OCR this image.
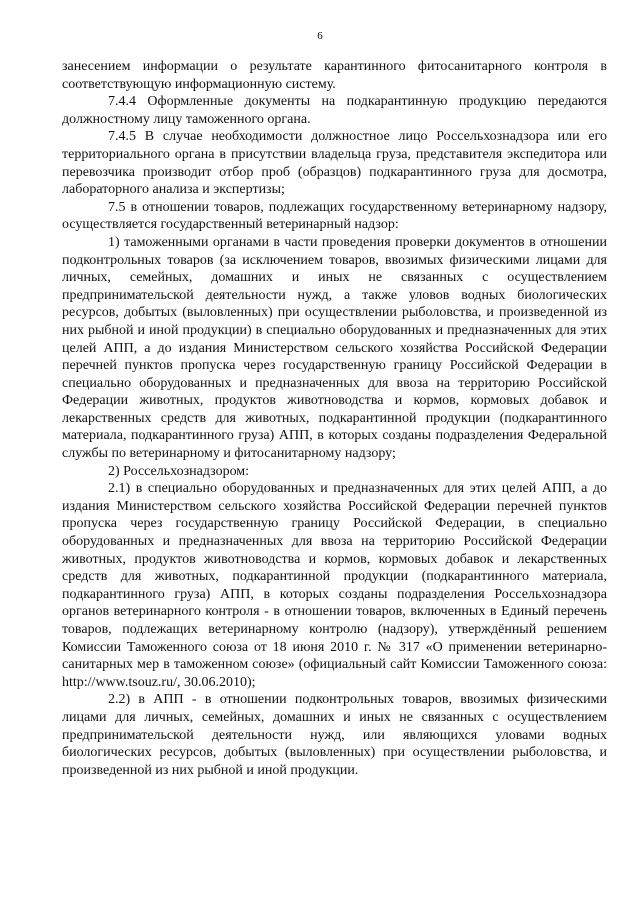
6

занесением информации о результате карантинного фитосанитарного контроля в соответствующую информационную систему.

7.4.4 Оформленные документы на подкарантинную продукцию передаются должностному лицу таможенного органа.

7.4.5 В случае необходимости должностное лицо Россельхознадзора или его территориального органа в присутствии владельца груза, представителя экспедитора или перевозчика производит отбор проб (образцов) подкарантинного груза для досмотра, лабораторного анализа и экспертизы;

7.5 в отношении товаров, подлежащих государственному ветеринарному надзору, осуществляется государственный ветеринарный надзор:

1) таможенными органами в части проведения проверки документов в отношении подконтрольных товаров (за исключением товаров, ввозимых физическими лицами для личных, семейных, домашних и иных не связанных с осуществлением предпринимательской деятельности нужд, а также уловов водных биологических ресурсов, добытых (выловленных) при осуществлении рыболовства, и произведенной из них рыбной и иной продукции) в специально оборудованных и предназначенных для этих целей АПП, а до издания Министерством сельского хозяйства Российской Федерации перечней пунктов пропуска через государственную границу Российской Федерации в специально оборудованных и предназначенных для ввоза на территорию Российской Федерации животных, продуктов животноводства и кормов, кормовых добавок и лекарственных средств для животных, подкарантинной продукции (подкарантинного материала, подкарантинного груза) АПП, в которых созданы подразделения Федеральной службы по ветеринарному и фитосанитарному надзору;

2) Россельхознадзором:

2.1) в специально оборудованных и предназначенных для этих целей АПП, а до издания Министерством сельского хозяйства Российской Федерации перечней пунктов пропуска через государственную границу Российской Федерации, в специально оборудованных и предназначенных для ввоза на территорию Российской Федерации животных, продуктов животноводства и кормов, кормовых добавок и лекарственных средств для животных, подкарантинной продукции (подкарантинного материала, подкарантинного груза) АПП, в которых созданы подразделения Россельхознадзора органов ветеринарного контроля - в отношении товаров, включенных в Единый перечень товаров, подлежащих ветеринарному контролю (надзору), утверждённый решением Комиссии Таможенного союза от 18 июня 2010 г. № 317 «О применении ветеринарно-санитарных мер в таможенном союзе» (официальный сайт Комиссии Таможенного союза: http://www.tsouz.ru/, 30.06.2010);

2.2) в АПП - в отношении подконтрольных товаров, ввозимых физическими лицами для личных, семейных, домашних и иных не связанных с осуществлением предпринимательской деятельности нужд, или являющихся уловами водных биологических ресурсов, добытых (выловленных) при осуществлении рыболовства, и произведенной из них рыбной и иной продукции.
